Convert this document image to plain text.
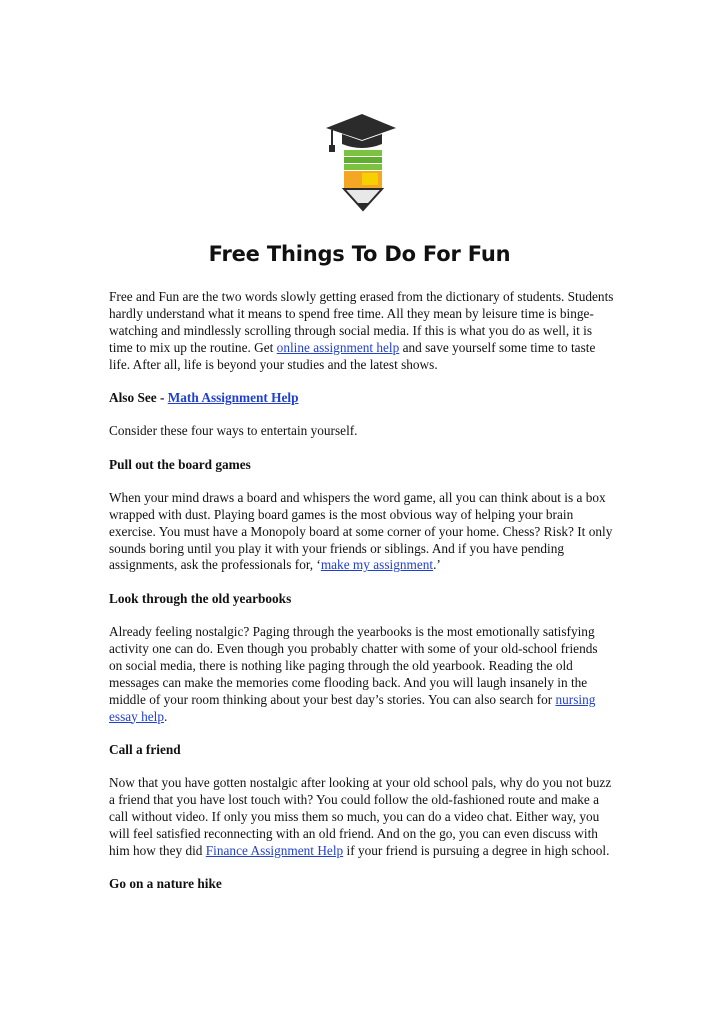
Free Things To Do For Fun

Free and Fun are the two words slowly getting erased from the dictionary of students. Students hardly understand what it means to spend free time. All they mean by leisure time is binge-watching and mindlessly scrolling through social media. If this is what you do as well, it is time to mix up the routine. Get online assignment help and save yourself some time to taste life. After all, life is beyond your studies and the latest shows.

Also See - Math Assignment Help

Consider these four ways to entertain yourself.

Pull out the board games

When your mind draws a board and whispers the word game, all you can think about is a box wrapped with dust. Playing board games is the most obvious way of helping your brain exercise. You must have a Monopoly board at some corner of your home. Chess? Risk? It only sounds boring until you play it with your friends or siblings. And if you have pending assignments, ask the professionals for, ‘make my assignment.’

Look through the old yearbooks

Already feeling nostalgic? Paging through the yearbooks is the most emotionally satisfying activity one can do. Even though you probably chatter with some of your old-school friends on social media, there is nothing like paging through the old yearbook. Reading the old messages can make the memories come flooding back. And you will laugh insanely in the middle of your room thinking about your best day’s stories. You can also search for nursing essay help.

Call a friend

Now that you have gotten nostalgic after looking at your old school pals, why do you not buzz a friend that you have lost touch with? You could follow the old-fashioned route and make a call without video. If only you miss them so much, you can do a video chat. Either way, you will feel satisfied reconnecting with an old friend. And on the go, you can even discuss with him how they did Finance Assignment Help if your friend is pursuing a degree in high school.

Go on a nature hike
